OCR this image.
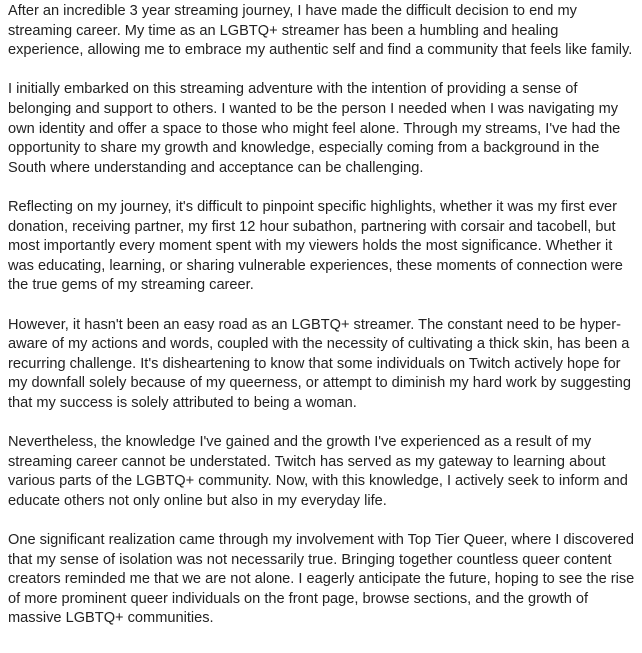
After an incredible 3 year streaming journey, I have made the difficult decision to end my streaming career. My time as an LGBTQ+ streamer has been a humbling and healing experience, allowing me to embrace my authentic self and find a community that feels like family.

I initially embarked on this streaming adventure with the intention of providing a sense of belonging and support to others. I wanted to be the person I needed when I was navigating my own identity and offer a space to those who might feel alone. Through my streams, I've had the opportunity to share my growth and knowledge, especially coming from a background in the South where understanding and acceptance can be challenging.

Reflecting on my journey, it's difficult to pinpoint specific highlights, whether it was my first ever donation, receiving partner, my first 12 hour subathon, partnering with corsair and tacobell, but most importantly every moment spent with my viewers holds the most significance. Whether it was educating, learning, or sharing vulnerable experiences, these moments of connection were the true gems of my streaming career.

However, it hasn't been an easy road as an LGBTQ+ streamer. The constant need to be hyper-aware of my actions and words, coupled with the necessity of cultivating a thick skin, has been a recurring challenge. It's disheartening to know that some individuals on Twitch actively hope for my downfall solely because of my queerness, or attempt to diminish my hard work by suggesting that my success is solely attributed to being a woman.

Nevertheless, the knowledge I've gained and the growth I've experienced as a result of my streaming career cannot be understated. Twitch has served as my gateway to learning about various parts of the LGBTQ+ community. Now, with this knowledge, I actively seek to inform and educate others not only online but also in my everyday life.

One significant realization came through my involvement with Top Tier Queer, where I discovered that my sense of isolation was not necessarily true. Bringing together countless queer content creators reminded me that we are not alone. I eagerly anticipate the future, hoping to see the rise of more prominent queer individuals on the front page, browse sections, and the growth of massive LGBTQ+ communities.
